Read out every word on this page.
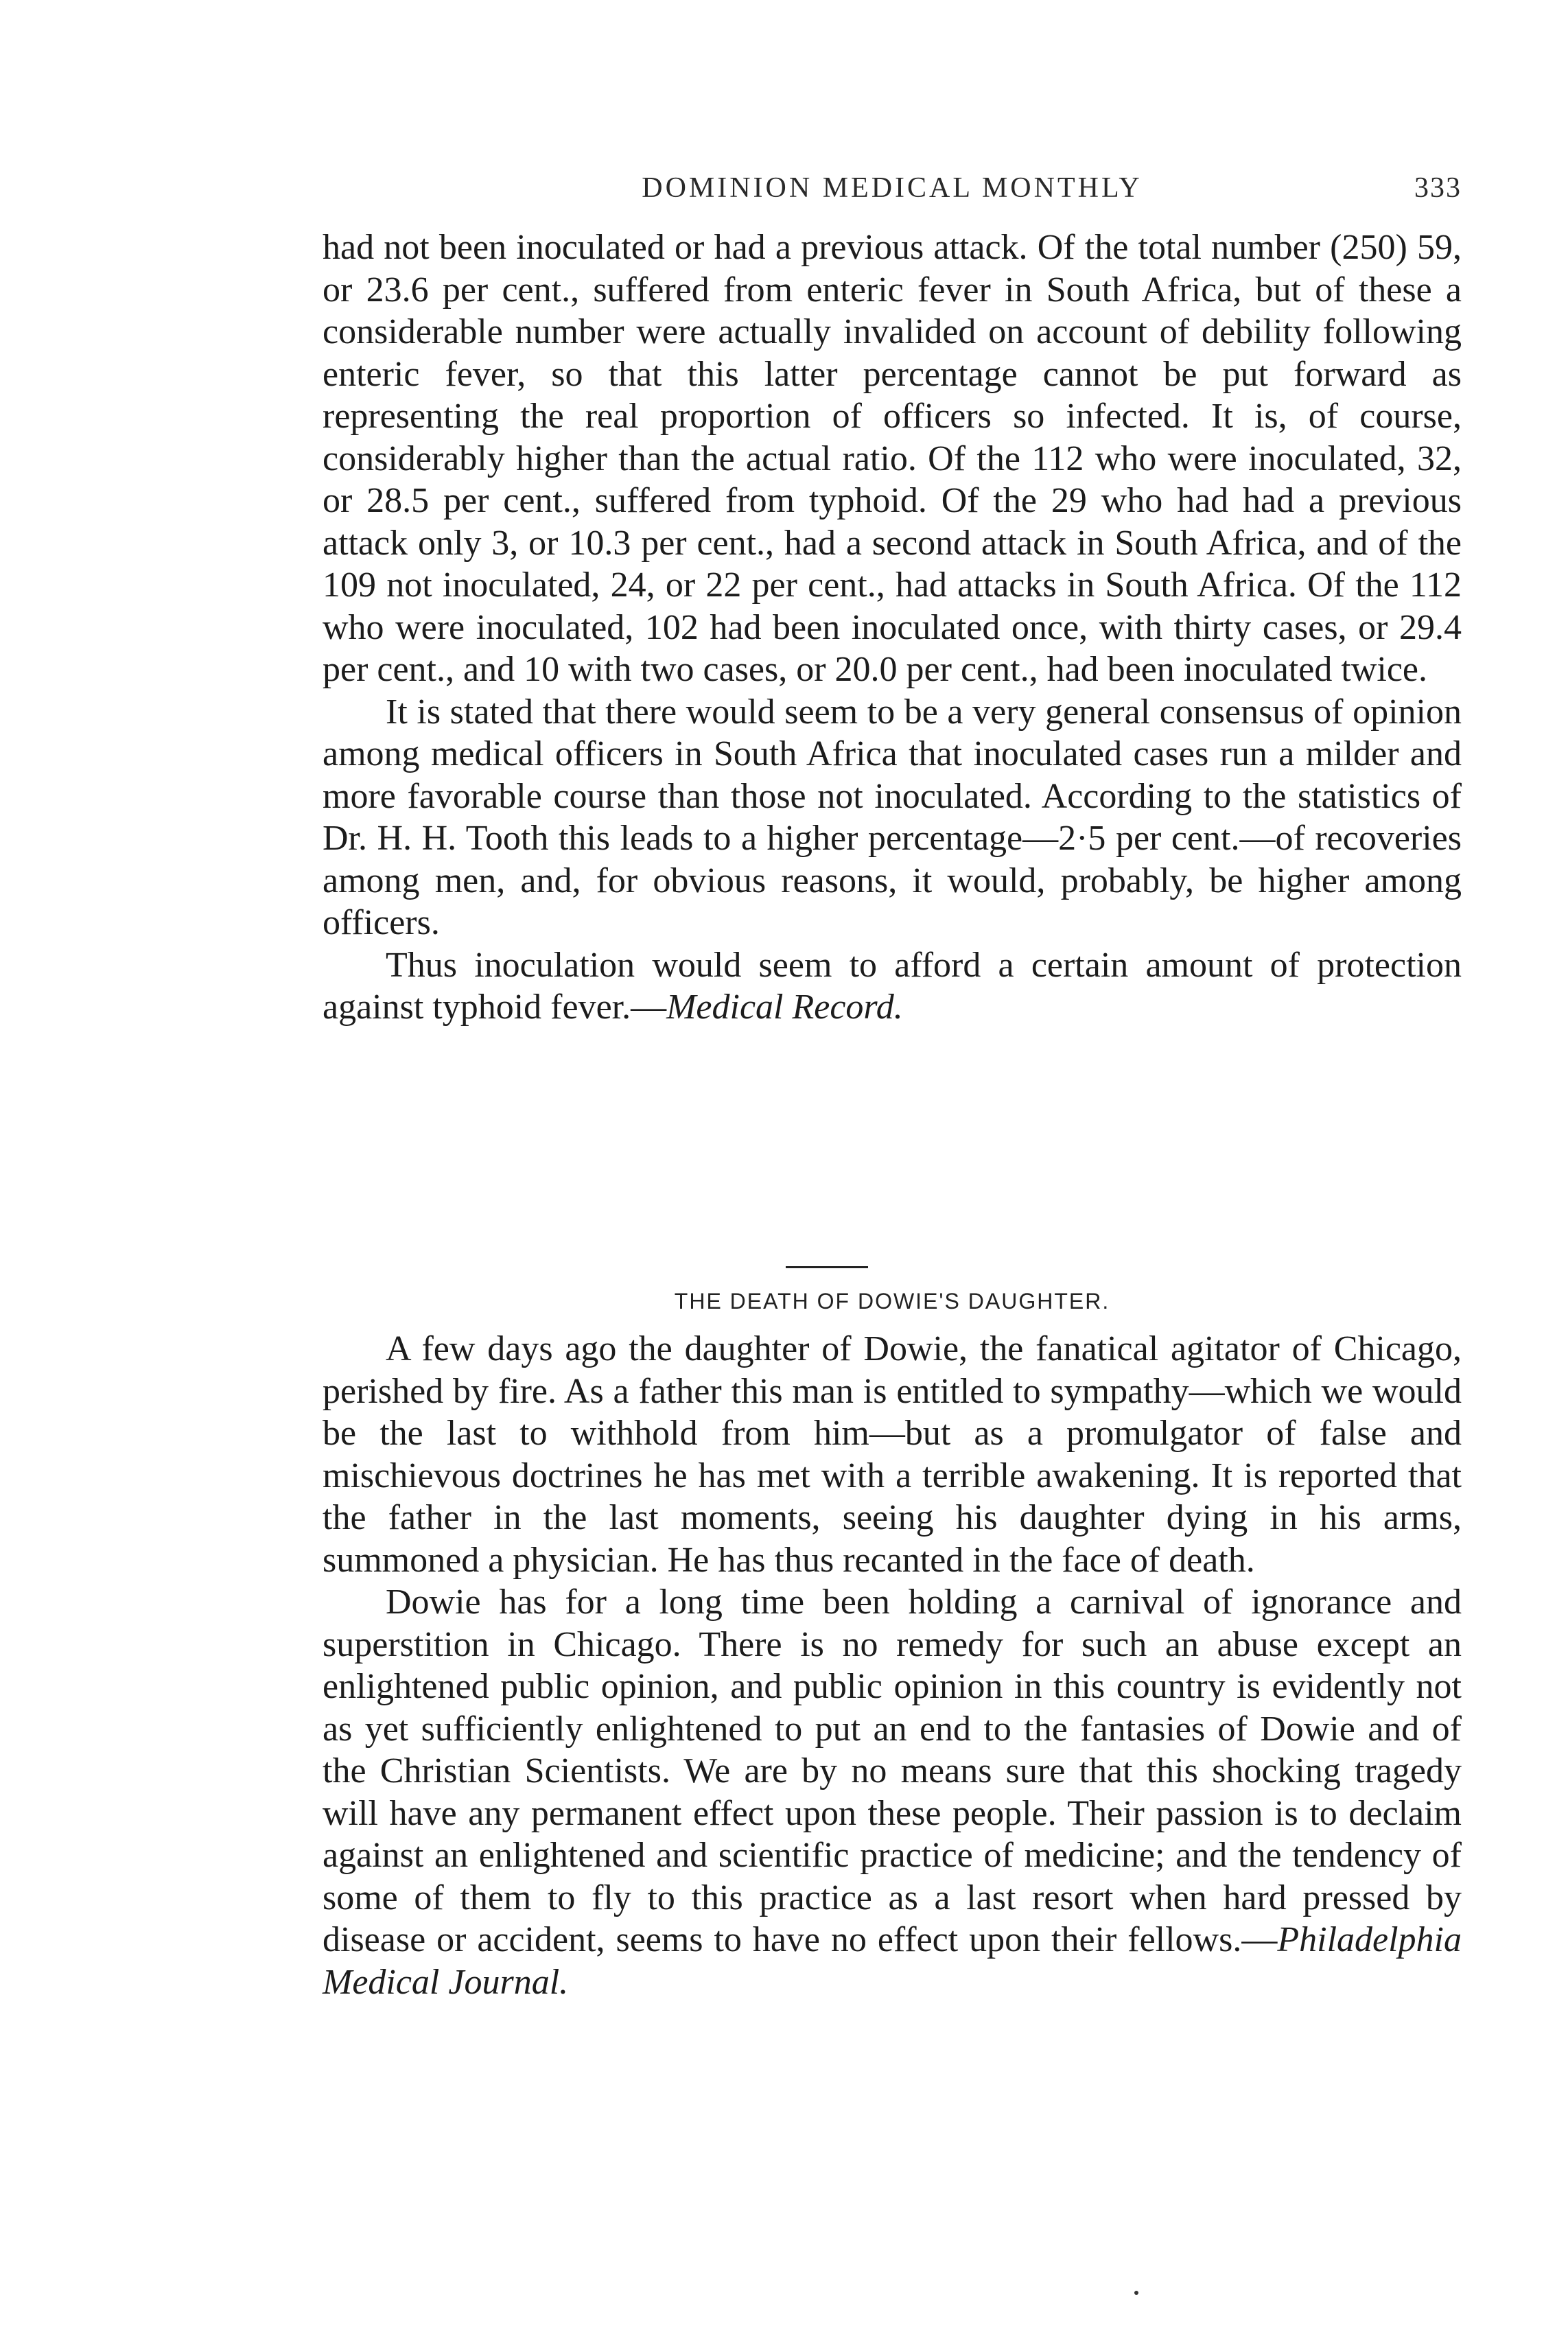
DOMINION MEDICAL MONTHLY	333

had not been inoculated or had a previous attack. Of the total number (250) 59, or 23.6 per cent., suffered from enteric fever in South Africa, but of these a considerable number were actually invalided on account of debility following enteric fever, so that this latter percentage cannot be put forward as representing the real proportion of officers so infected. It is, of course, considerably higher than the actual ratio. Of the 112 who were inoculated, 32, or 28.5 per cent., suffered from typhoid. Of the 29 who had had a previous attack only 3, or 10.3 per cent., had a second attack in South Africa, and of the 109 not inoculated, 24, or 22 per cent., had attacks in South Africa. Of the 112 who were inoculated, 102 had been inoculated once, with thirty cases, or 29.4 per cent., and 10 with two cases, or 20.0 per cent., had been inoculated twice.

It is stated that there would seem to be a very general consensus of opinion among medical officers in South Africa that inoculated cases run a milder and more favorable course than those not inoculated. According to the statistics of Dr. H. H. Tooth this leads to a higher percentage—2·5 per cent.—of recoveries among men, and, for obvious reasons, it would, probably, be higher among officers.

Thus inoculation would seem to afford a certain amount of protection against typhoid fever.—Medical Record.

THE DEATH OF DOWIE'S DAUGHTER.

A few days ago the daughter of Dowie, the fanatical agitator of Chicago, perished by fire. As a father this man is entitled to sympathy—which we would be the last to withhold from him—but as a promulgator of false and mischievous doctrines he has met with a terrible awakening. It is reported that the father in the last moments, seeing his daughter dying in his arms, summoned a physician. He has thus recanted in the face of death.

Dowie has for a long time been holding a carnival of ignorance and superstition in Chicago. There is no remedy for such an abuse except an enlightened public opinion, and public opinion in this country is evidently not as yet sufficiently enlightened to put an end to the fantasies of Dowie and of the Christian Scientists. We are by no means sure that this shocking tragedy will have any permanent effect upon these people. Their passion is to declaim against an enlightened and scientific practice of medicine; and the tendency of some of them to fly to this practice as a last resort when hard pressed by disease or accident, seems to have no effect upon their fellows.—Philadelphia Medical Journal.
